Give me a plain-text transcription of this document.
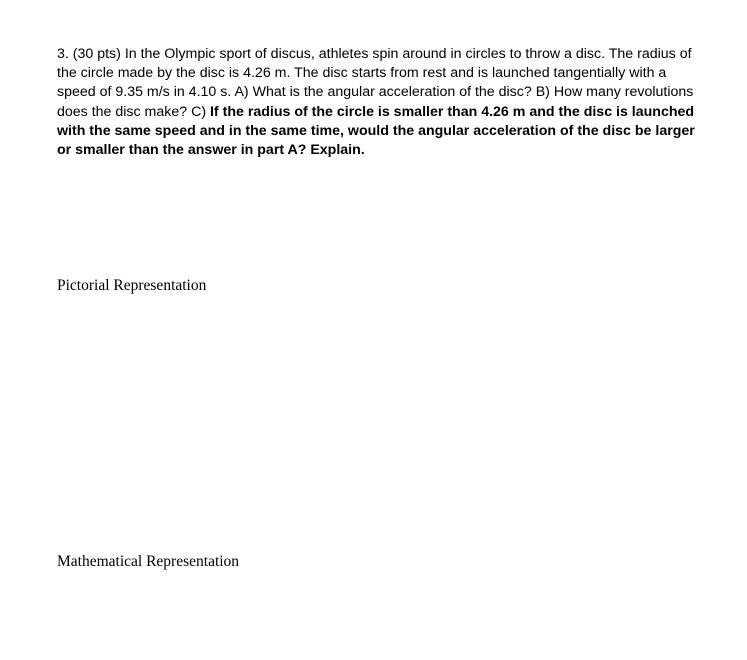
3. (30 pts) In the Olympic sport of discus, athletes spin around in circles to throw a disc. The radius of the circle made by the disc is 4.26 m. The disc starts from rest and is launched tangentially with a speed of 9.35 m/s in 4.10 s. A) What is the angular acceleration of the disc? B) How many revolutions does the disc make? C) If the radius of the circle is smaller than 4.26 m and the disc is launched with the same speed and in the same time, would the angular acceleration of the disc be larger or smaller than the answer in part A? Explain.

Pictorial Representation
Mathematical Representation
